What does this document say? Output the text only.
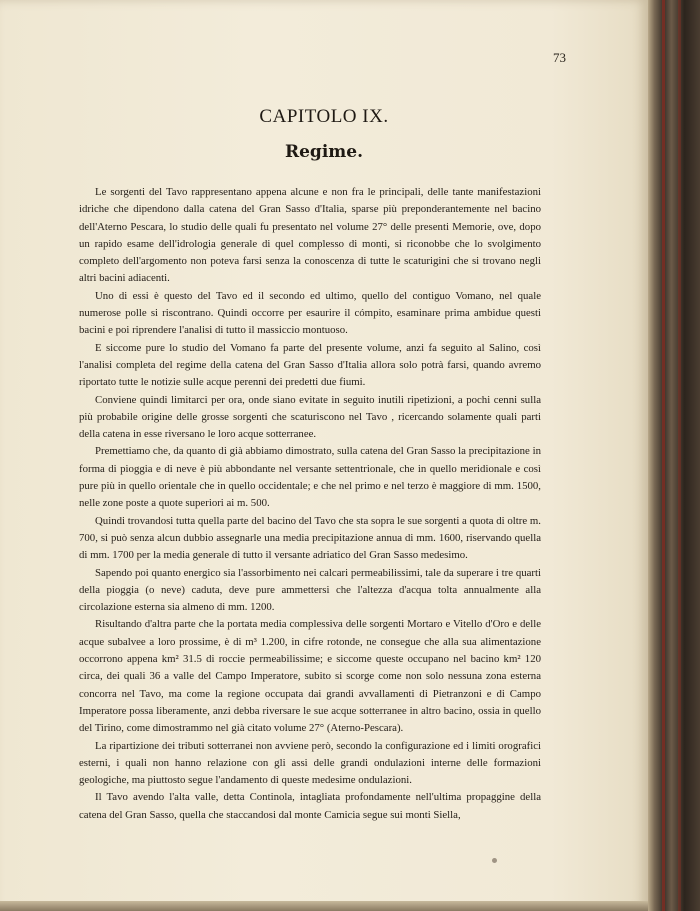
73
CAPITOLO IX.
Regime.

Le sorgenti del Tavo rappresentano appena alcune e non fra le principali, delle tante manifestazioni idriche che dipendono dalla catena del Gran Sasso d'Italia, sparse più preponderantemente nel bacino dell'Aterno Pescara, lo studio delle quali fu presentato nel volume 27° delle presenti Memorie, ove, dopo un rapido esame dell'idrologia generale di quel complesso di monti, si riconobbe che lo svolgimento completo dell'argomento non poteva farsi senza la conoscenza di tutte le scaturigini che si trovano negli altri bacini adiacenti.

Uno di essi è questo del Tavo ed il secondo ed ultimo, quello del contiguo Vomano, nel quale numerose polle si riscontrano. Quindi occorre per esaurire il cómpito, esaminare prima ambidue questi bacini e poi riprendere l'analisi di tutto il massiccio montuoso.

E siccome pure lo studio del Vomano fa parte del presente volume, anzi fa seguito al Salino, così l'analisi completa del regime della catena del Gran Sasso d'Italia allora solo potrà farsi, quando avremo riportato tutte le notizie sulle acque perenni dei predetti due fiumi.

Conviene quindi limitarci per ora, onde siano evitate in seguito inutili ripetizioni, a pochi cenni sulla più probabile origine delle grosse sorgenti che scaturiscono nel Tavo , ricercando solamente quali parti della catena in esse riversano le loro acque sotterranee.

Premettiamo che, da quanto di già abbiamo dimostrato, sulla catena del Gran Sasso la precipitazione in forma di pioggia e di neve è più abbondante nel versante settentrionale, che in quello meridionale e così pure più in quello orientale che in quello occidentale; e che nel primo e nel terzo è maggiore di mm. 1500, nelle zone poste a quote superiori ai m. 500.

Quindi trovandosi tutta quella parte del bacino del Tavo che sta sopra le sue sorgenti a quota di oltre m. 700, si può senza alcun dubbio assegnarle una media precipitazione annua di mm. 1600, riservando quella di mm. 1700 per la media generale di tutto il versante adriatico del Gran Sasso medesimo.

Sapendo poi quanto energico sia l'assorbimento nei calcari permeabilissimi, tale da superare i tre quarti della pioggia (o neve) caduta, deve pure ammettersi che l'altezza d'acqua tolta annualmente alla circolazione esterna sia almeno di mm. 1200.

Risultando d'altra parte che la portata media complessiva delle sorgenti Mortaro e Vitello d'Oro e delle acque subalvee a loro prossime, è di m³ 1.200, in cifre rotonde, ne consegue che alla sua alimentazione occorrono appena km² 31.5 di roccie permeabilissime; e siccome queste occupano nel bacino km² 120 circa, dei quali 36 a valle del Campo Imperatore, subito si scorge come non solo nessuna zona esterna concorra nel Tavo, ma come la regione occupata dai grandi avvallamenti di Pietranzoni e di Campo Imperatore possa liberamente, anzi debba riversare le sue acque sotterranee in altro bacino, ossia in quello del Tirino, come dimostrammo nel già citato volume 27° (Aterno-Pescara).

La ripartizione dei tributi sotterranei non avviene però, secondo la configurazione ed i limiti orografici esterni, i quali non hanno relazione con gli assi delle grandi ondulazioni interne delle formazioni geologiche, ma piuttosto segue l'andamento di queste medesime ondulazioni.

Il Tavo avendo l'alta valle, detta Continola, intagliata profondamente nell'ultima propaggine della catena del Gran Sasso, quella che staccandosi dal monte Camicia segue sui monti Siella,
